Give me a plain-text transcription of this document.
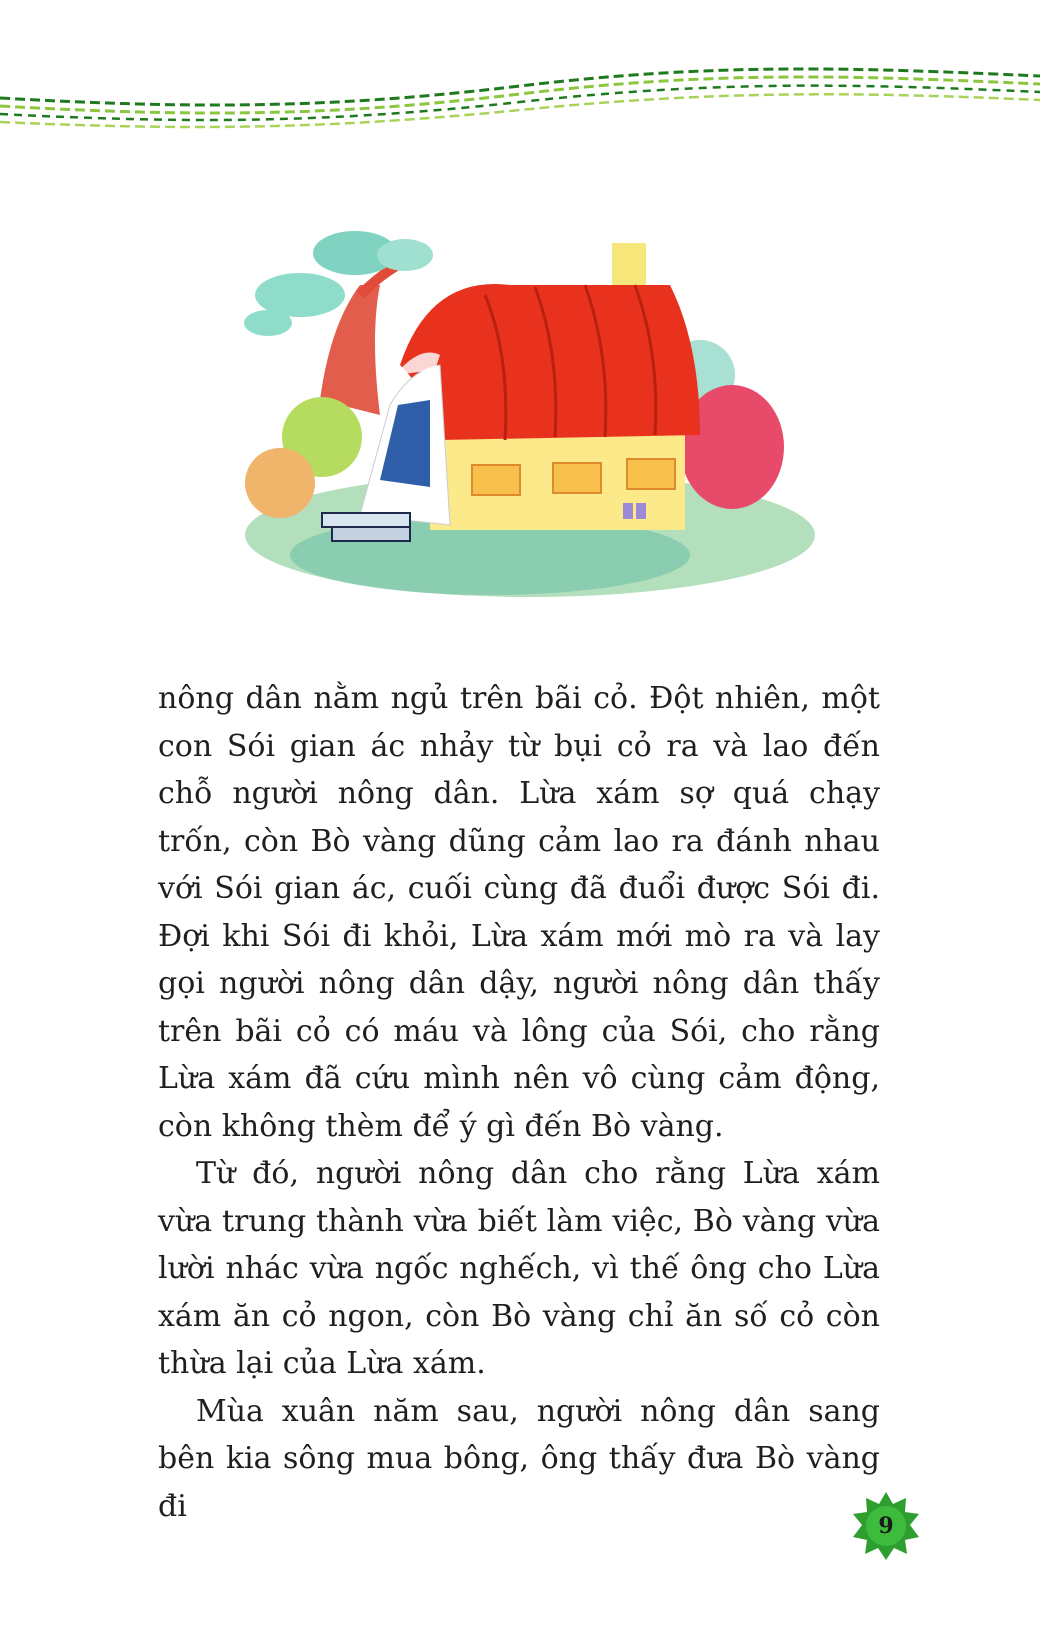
nông dân nằm ngủ trên bãi cỏ. Đột nhiên, một con Sói gian ác nhảy từ bụi cỏ ra và lao đến chỗ người nông dân. Lừa xám sợ quá chạy trốn, còn Bò vàng dũng cảm lao ra đánh nhau với Sói gian ác, cuối cùng đã đuổi được Sói đi. Đợi khi Sói đi khỏi, Lừa xám mới mò ra và lay gọi người nông dân dậy, người nông dân thấy trên bãi cỏ có máu và lông của Sói, cho rằng Lừa xám đã cứu mình nên vô cùng cảm động, còn không thèm để ý gì đến Bò vàng.

Từ đó, người nông dân cho rằng Lừa xám vừa trung thành vừa biết làm việc, Bò vàng vừa lười nhác vừa ngốc nghếch, vì thế ông cho Lừa xám ăn cỏ ngon, còn Bò vàng chỉ ăn số cỏ còn thừa lại của Lừa xám.

Mùa xuân năm sau, người nông dân sang bên kia sông mua bông, ông thấy đưa Bò vàng đi

9
